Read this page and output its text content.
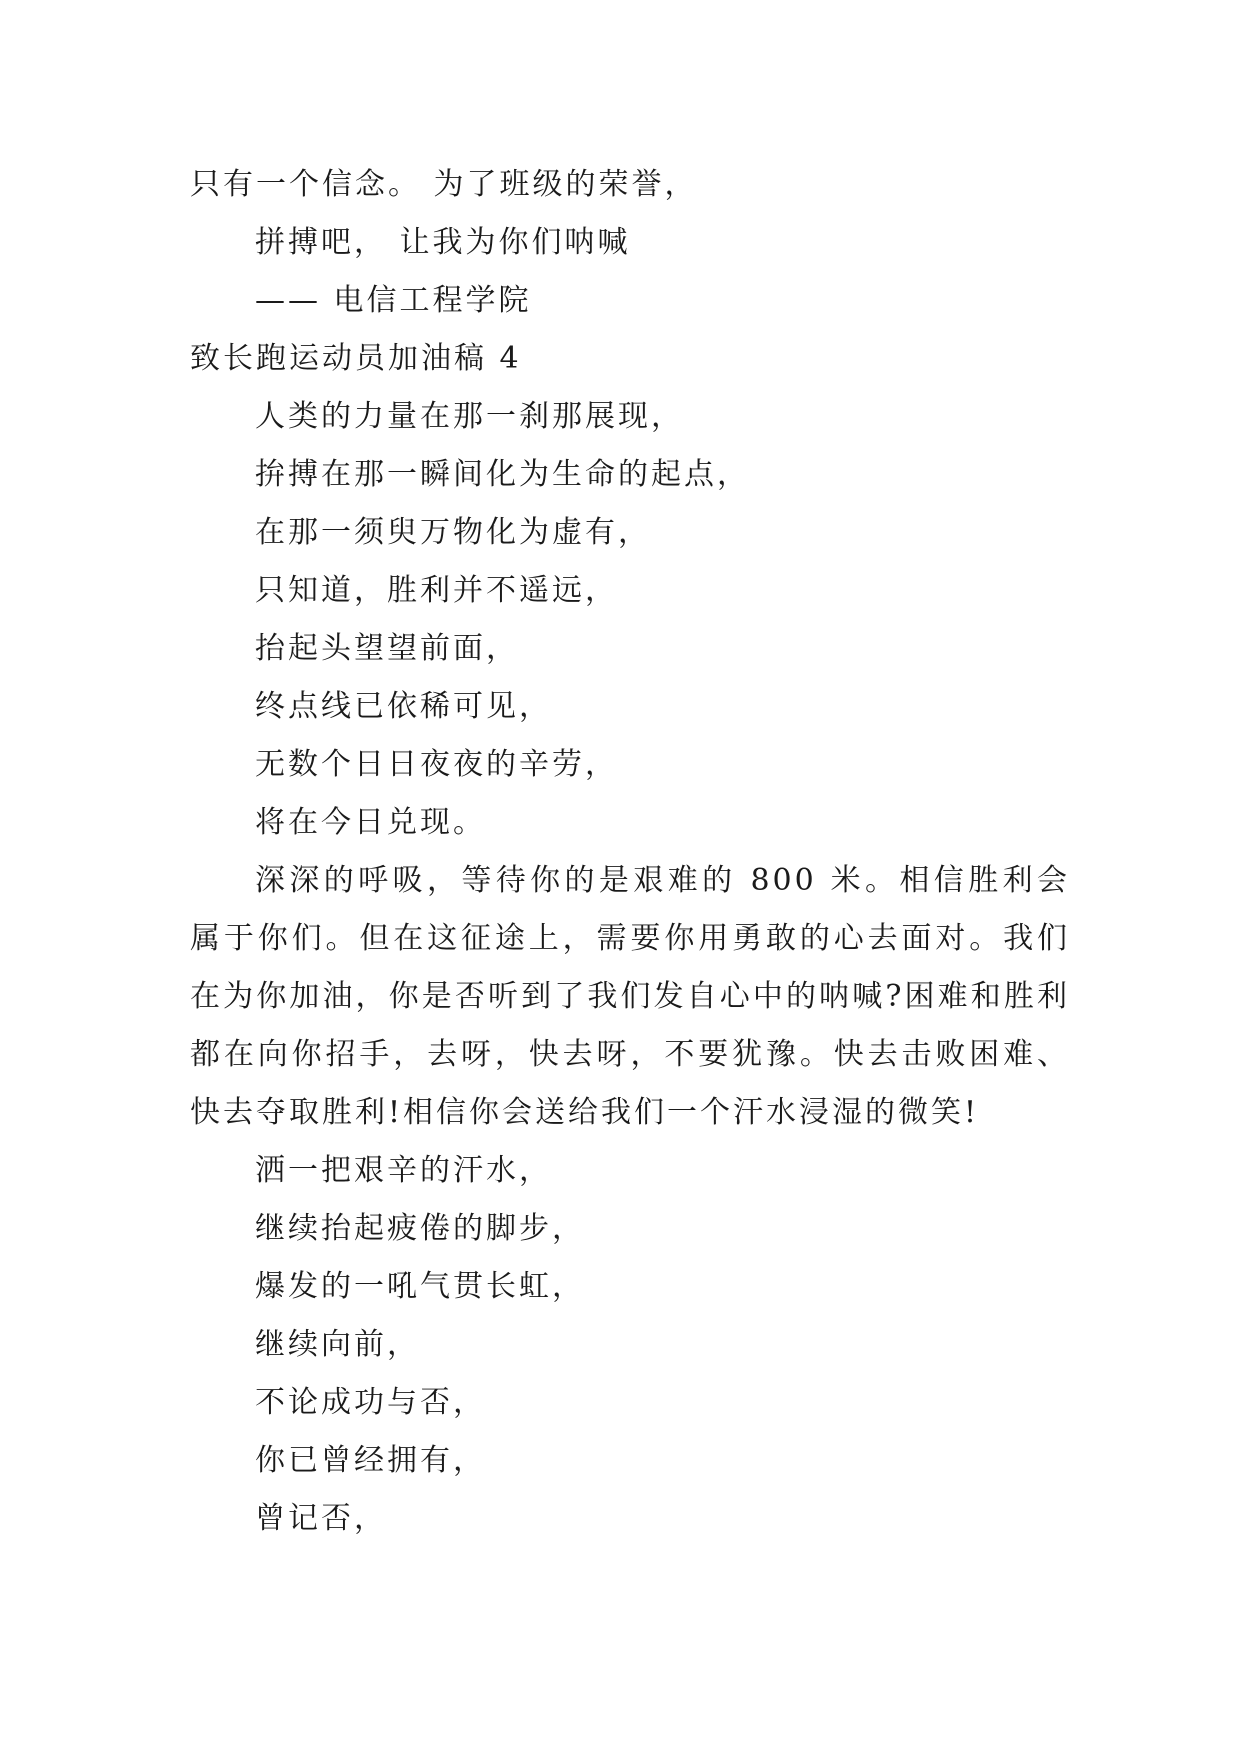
只有一个信念。 为了班级的荣誉，
拼搏吧， 让我为你们呐喊
—— 电信工程学院
致长跑运动员加油稿 4
人类的力量在那一刹那展现，
拚搏在那一瞬间化为生命的起点，
在那一须臾万物化为虚有，
只知道，胜利并不遥远，
抬起头望望前面，
终点线已依稀可见，
无数个日日夜夜的辛劳，
将在今日兑现。
深深的呼吸，等待你的是艰难的 800 米。相信胜利会属于你们。但在这征途上，需要你用勇敢的心去面对。我们在为你加油，你是否听到了我们发自心中的呐喊?困难和胜利都在向你招手，去呀，快去呀，不要犹豫。快去击败困难、快去夺取胜利!相信你会送给我们一个汗水浸湿的微笑!
洒一把艰辛的汗水，
继续抬起疲倦的脚步，
爆发的一吼气贯长虹，
继续向前，
不论成功与否，
你已曾经拥有，
曾记否，
